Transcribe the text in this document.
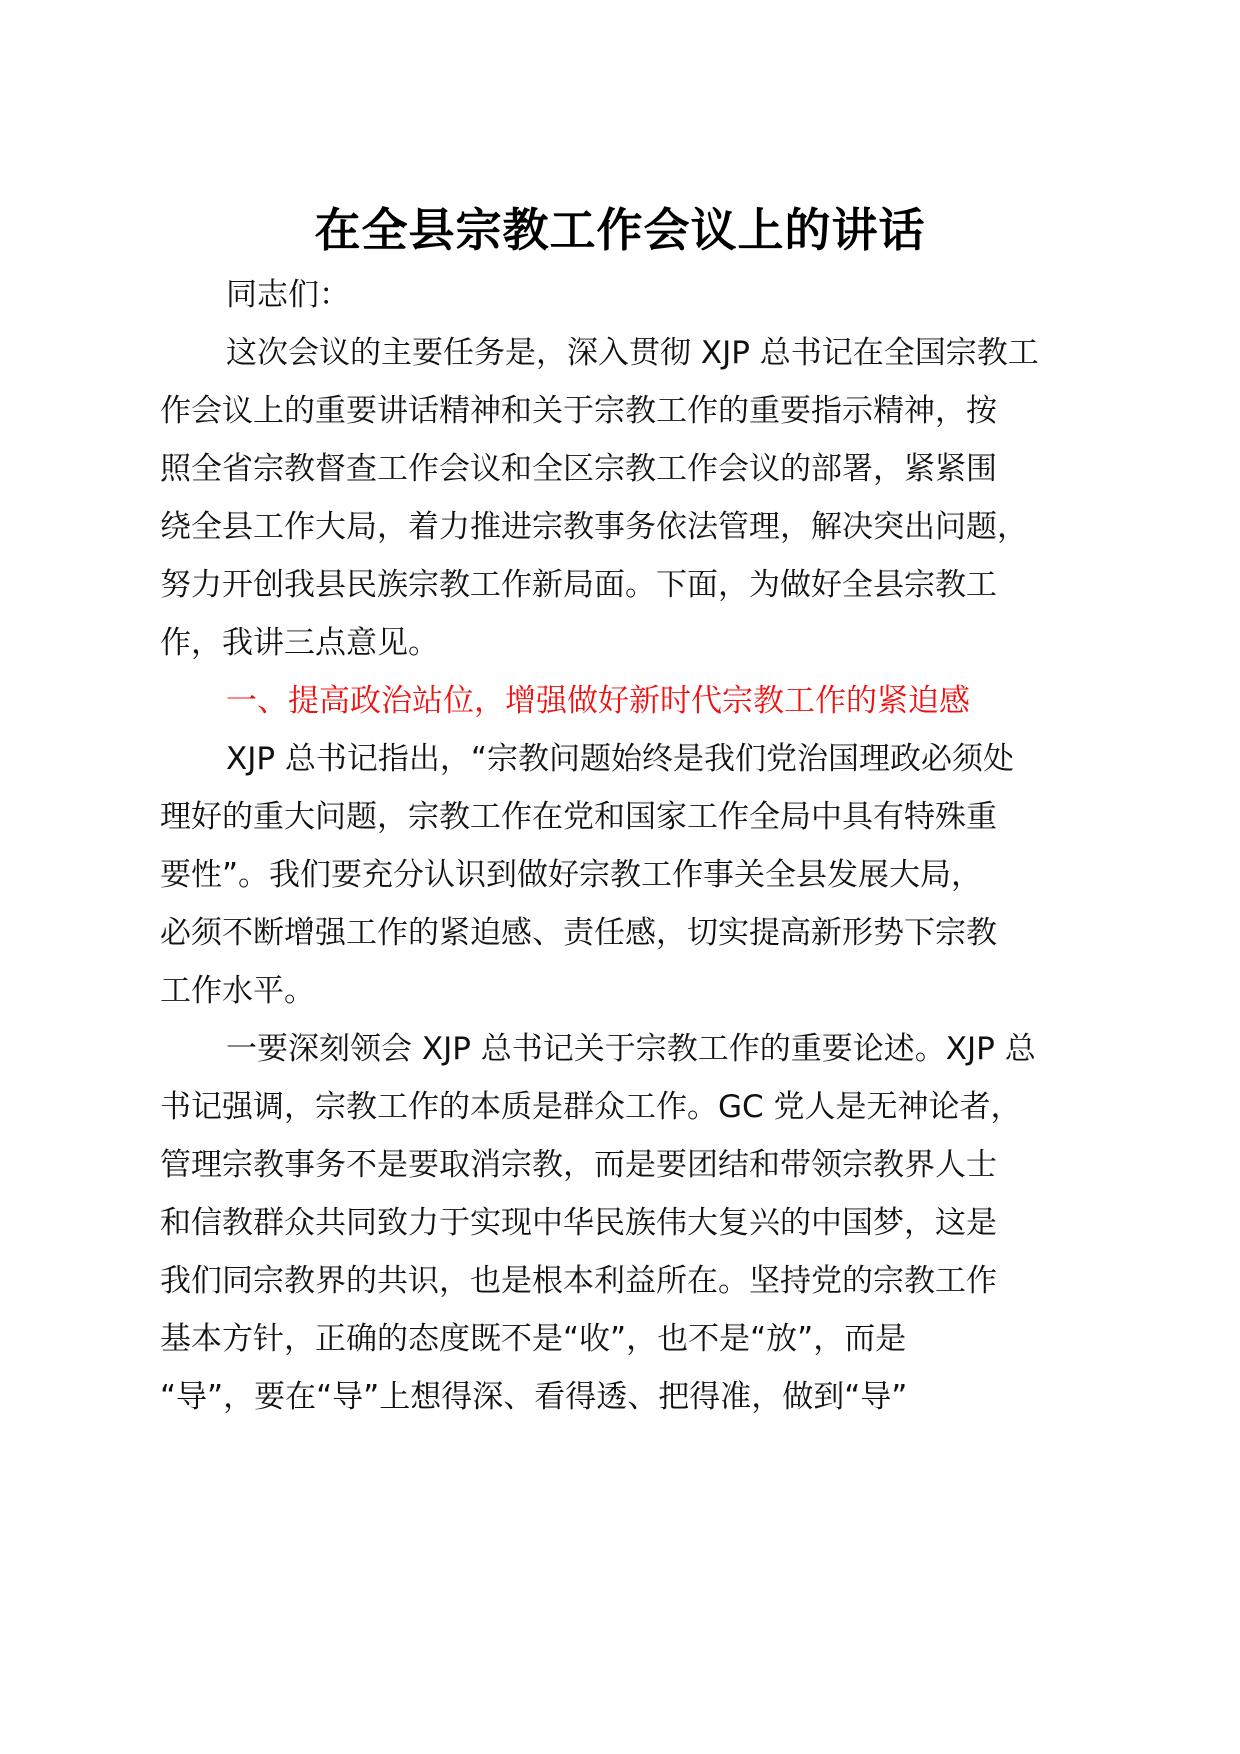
在全县宗教工作会议上的讲话

同志们：

这次会议的主要任务是，深入贯彻 XJP 总书记在全国宗教工

作会议上的重要讲话精神和关于宗教工作的重要指示精神，按

照全省宗教督查工作会议和全区宗教工作会议的部署，紧紧围

绕全县工作大局，着力推进宗教事务依法管理，解决突出问题，

努力开创我县民族宗教工作新局面。下面，为做好全县宗教工

作，我讲三点意见。

一、提高政治站位，增强做好新时代宗教工作的紧迫感

XJP 总书记指出，“宗教问题始终是我们党治国理政必须处

理好的重大问题，宗教工作在党和国家工作全局中具有特殊重

要性”。我们要充分认识到做好宗教工作事关全县发展大局，

必须不断增强工作的紧迫感、责任感，切实提高新形势下宗教

工作水平。

一要深刻领会 XJP 总书记关于宗教工作的重要论述。XJP 总

书记强调，宗教工作的本质是群众工作。GC 党人是无神论者，

管理宗教事务不是要取消宗教，而是要团结和带领宗教界人士

和信教群众共同致力于实现中华民族伟大复兴的中国梦，这是

我们同宗教界的共识，也是根本利益所在。坚持党的宗教工作

基本方针，正确的态度既不是“收”，也不是“放”，而是

“导”，要在“导”上想得深、看得透、把得准，做到“导”
